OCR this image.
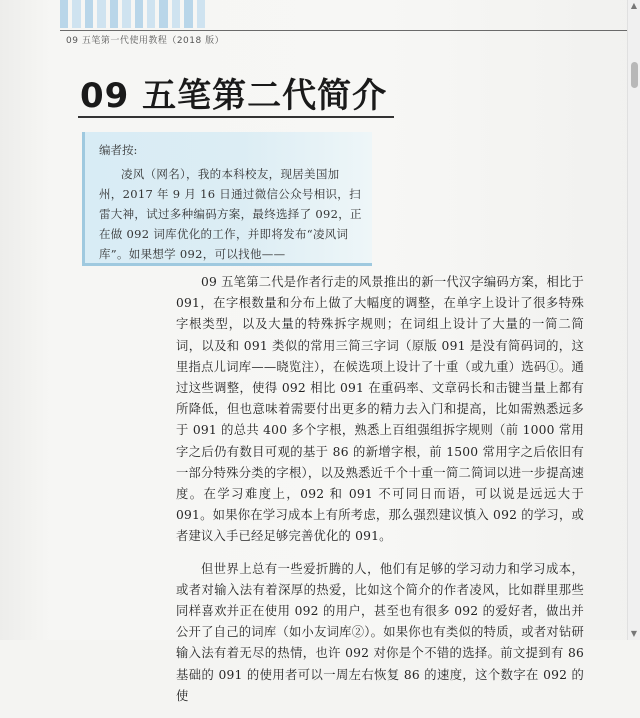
09 五笔第一代使用教程（2018 版）
09 五笔第二代简介
编者按:
凌风（网名），我的本科校友，现居美国加州，2017 年 9 月 16 日通过微信公众号相识，扫雷大神，试过多种编码方案，最终选择了 092，正在做 092 词库优化的工作，并即将发布“凌风词库”。如果想学 092，可以找他——

09 五笔第二代是作者行走的风景推出的新一代汉字编码方案，相比于 091，在字根数量和分布上做了大幅度的调整，在单字上设计了很多特殊字根类型，以及大量的特殊拆字规则；在词组上设计了大量的一简二简词，以及和 091 类似的常用三简三字词（原版 091 是没有简码词的，这里指点儿词库——晓览注），在候选项上设计了十重（或九重）选码①。通过这些调整，使得 092 相比 091 在重码率、文章码长和击键当量上都有所降低，但也意味着需要付出更多的精力去入门和提高，比如需熟悉远多于 091 的总共 400 多个字根，熟悉上百组强组拆字规则（前 1000 常用字之后仍有数目可观的基于 86 的新增字根，前 1500 常用字之后依旧有一部分特殊分类的字根），以及熟悉近千个十重一简二简词以进一步提高速度。在学习难度上，092 和 091 不可同日而语，可以说是远远大于 091。如果你在学习成本上有所考虑，那么强烈建议慎入 092 的学习，或者建议入手已经足够完善优化的 091。

但世界上总有一些爱折腾的人，他们有足够的学习动力和学习成本，或者对输入法有着深厚的热爱，比如这个简介的作者凌风，比如群里那些同样喜欢并正在使用 092 的用户，甚至也有很多 092 的爱好者，做出并公开了自己的词库（如小友词库②）。如果你也有类似的特质，或者对钻研输入法有着无尽的热情，也许 092 对你是个不错的选择。前文提到有 86 基础的 091 的使用者可以一周左右恢复 86 的速度，这个数字在 092 的使

▲
▼
